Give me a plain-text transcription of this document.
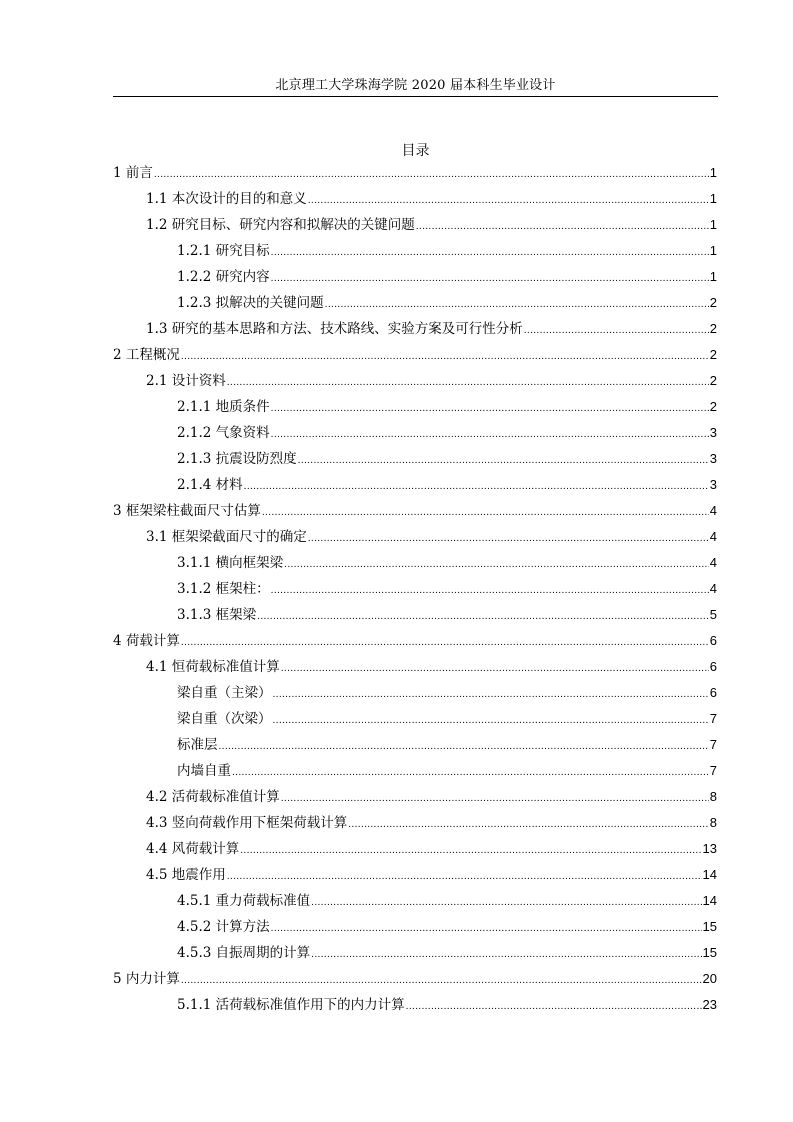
北京理工大学珠海学院 2020 届本科生毕业设计
目录
1 前言 .....	1
1.1 本次设计的目的和意义 .....	1
1.2 研究目标、研究内容和拟解决的关键问题 .....	1
1.2.1 研究目标 .....	1
1.2.2 研究内容 .....	1
1.2.3 拟解决的关键问题 .....	2
1.3 研究的基本思路和方法、技术路线、实验方案及可行性分析 .....	2
2 工程概况 .....	2
2.1 设计资料 .....	2
2.1.1 地质条件 .....	2
2.1.2 气象资料 .....	3
2.1.3 抗震设防烈度 .....	3
2.1.4 材料 .....	3
3 框架梁柱截面尺寸估算 .....	4
3.1 框架梁截面尺寸的确定 .....	4
3.1.1 横向框架梁 .....	4
3.1.2 框架柱： .....	4
3.1.3 框架梁 .....	5
4 荷载计算 .....	6
4.1 恒荷载标准值计算 .....	6
梁自重（主梁） .....	6
梁自重（次梁） .....	7
标准层 .....	7
内墙自重 .....	7
4.2 活荷载标准值计算 .....	8
4.3 竖向荷载作用下框架荷载计算 .....	8
4.4 风荷载计算 .....	13
4.5 地震作用 .....	14
4.5.1 重力荷载标准值 .....	14
4.5.2 计算方法 .....	15
4.5.3 自振周期的计算 .....	15
5 内力计算 .....	20
5.1.1 活荷载标准值作用下的内力计算 .....	23
